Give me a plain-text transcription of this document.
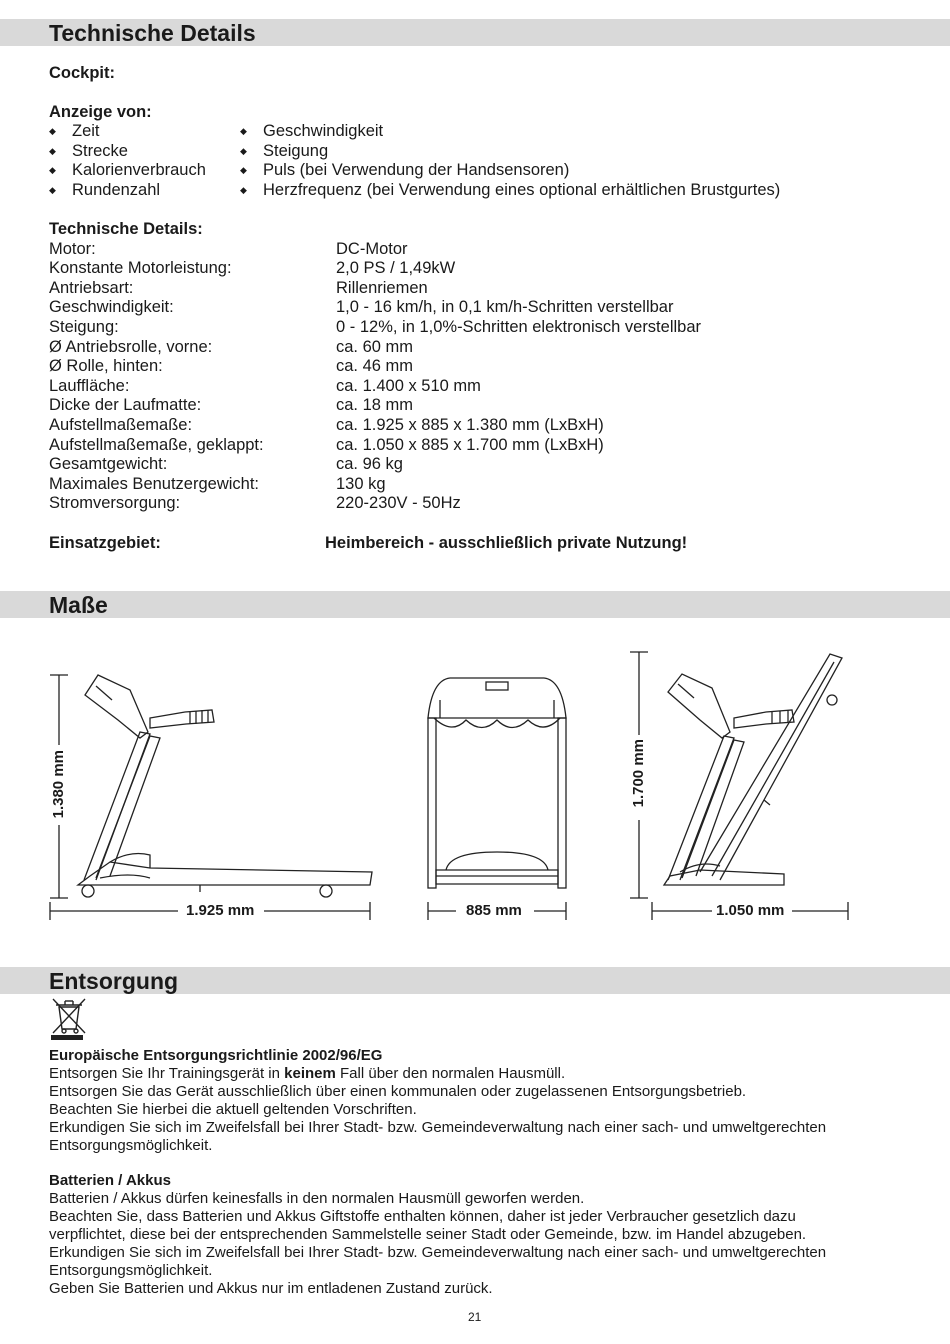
Technische Details
Cockpit:
Anzeige von:
◆ Zeit
◆ Strecke
◆ Kalorienverbrauch
◆ Rundenzahl
◆ Geschwindigkeit
◆ Steigung
◆ Puls (bei Verwendung der Handsensoren)
◆ Herzfrequenz (bei Verwendung eines optional erhältlichen Brustgurtes)
Technische Details:
Motor:	DC-Motor
Konstante Motorleistung:	2,0 PS / 1,49kW
Antriebsart:	Rillenriemen
Geschwindigkeit:	1,0 - 16 km/h, in 0,1 km/h-Schritten verstellbar
Steigung:	0 - 12%, in 1,0%-Schritten elektronisch verstellbar
Ø Antriebsrolle, vorne:	ca. 60 mm
Ø Rolle, hinten:	ca. 46 mm
Lauffläche:	ca. 1.400 x 510 mm
Dicke der Laufmatte:	ca. 18 mm
Aufstellmaßemaße:	ca. 1.925 x 885 x 1.380 mm (LxBxH)
Aufstellmaßemaße, geklappt:	ca. 1.050 x 885 x 1.700 mm (LxBxH)
Gesamtgewicht:	ca. 96 kg
Maximales Benutzergewicht:	130 kg
Stromversorgung:	220-230V - 50Hz
Einsatzgebiet:	Heimbereich - ausschließlich private Nutzung!
Maße
1.380 mm
1.925 mm	885 mm
1.700 mm
1.050 mm
Entsorgung
Europäische Entsorgungsrichtlinie 2002/96/EG
Entsorgen Sie Ihr Trainingsgerät in keinem Fall über den normalen Hausmüll.
Entsorgen Sie das Gerät ausschließlich über einen kommunalen oder zugelassenen Entsorgungsbetrieb.
Beachten Sie hierbei die aktuell geltenden Vorschriften.
Erkundigen Sie sich im Zweifelsfall bei Ihrer Stadt- bzw. Gemeindeverwaltung nach einer sach- und umweltgerechten
Entsorgungsmöglichkeit.
Batterien / Akkus
Batterien / Akkus dürfen keinesfalls in den normalen Hausmüll geworfen werden.
Beachten Sie, dass Batterien und Akkus Giftstoffe enthalten können, daher ist jeder Verbraucher gesetzlich dazu
verpflichtet, diese bei der entsprechenden Sammelstelle seiner Stadt oder Gemeinde, bzw. im Handel abzugeben.
Erkundigen Sie sich im Zweifelsfall bei Ihrer Stadt- bzw. Gemeindeverwaltung nach einer sach- und umweltgerechten
Entsorgungsmöglichkeit.
Geben Sie Batterien und Akkus nur im entladenen Zustand zurück.
21
